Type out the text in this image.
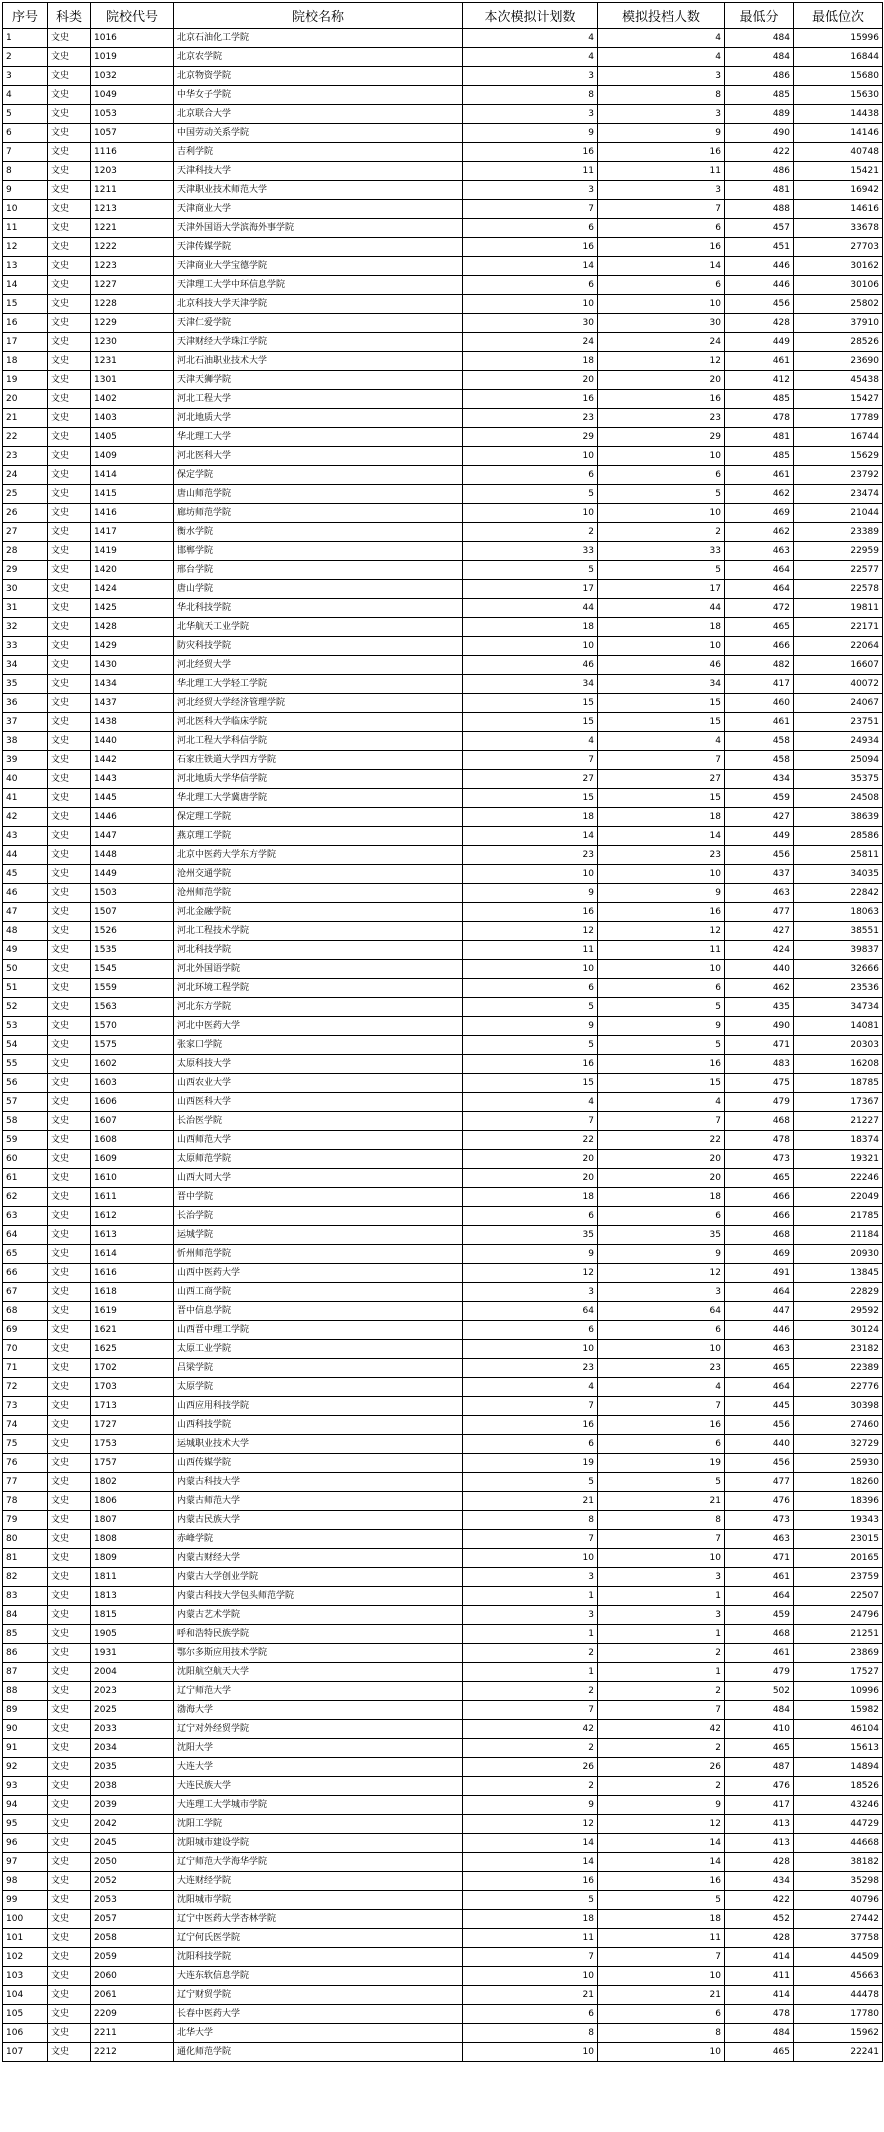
序号	科类	院校代号	院校名称	本次模拟计划数	模拟投档人数	最低分	最低位次
1	文史	1016	北京石油化工学院	4	4	484	15996
2	文史	1019	北京农学院	4	4	484	16844
3	文史	1032	北京物资学院	3	3	486	15680
4	文史	1049	中华女子学院	8	8	485	15630
5	文史	1053	北京联合大学	3	3	489	14438
6	文史	1057	中国劳动关系学院	9	9	490	14146
7	文史	1116	吉利学院	16	16	422	40748
8	文史	1203	天津科技大学	11	11	486	15421
9	文史	1211	天津职业技术师范大学	3	3	481	16942
10	文史	1213	天津商业大学	7	7	488	14616
11	文史	1221	天津外国语大学滨海外事学院	6	6	457	33678
12	文史	1222	天津传媒学院	16	16	451	27703
13	文史	1223	天津商业大学宝德学院	14	14	446	30162
14	文史	1227	天津理工大学中环信息学院	6	6	446	30106
15	文史	1228	北京科技大学天津学院	10	10	456	25802
16	文史	1229	天津仁爱学院	30	30	428	37910
17	文史	1230	天津财经大学珠江学院	24	24	449	28526
18	文史	1231	河北石油职业技术大学	18	12	461	23690
19	文史	1301	天津天狮学院	20	20	412	45438
20	文史	1402	河北工程大学	16	16	485	15427
21	文史	1403	河北地质大学	23	23	478	17789
22	文史	1405	华北理工大学	29	29	481	16744
23	文史	1409	河北医科大学	10	10	485	15629
24	文史	1414	保定学院	6	6	461	23792
25	文史	1415	唐山师范学院	5	5	462	23474
26	文史	1416	廊坊师范学院	10	10	469	21044
27	文史	1417	衡水学院	2	2	462	23389
28	文史	1419	邯郸学院	33	33	463	22959
29	文史	1420	邢台学院	5	5	464	22577
30	文史	1424	唐山学院	17	17	464	22578
31	文史	1425	华北科技学院	44	44	472	19811
32	文史	1428	北华航天工业学院	18	18	465	22171
33	文史	1429	防灾科技学院	10	10	466	22064
34	文史	1430	河北经贸大学	46	46	482	16607
35	文史	1434	华北理工大学轻工学院	34	34	417	40072
36	文史	1437	河北经贸大学经济管理学院	15	15	460	24067
37	文史	1438	河北医科大学临床学院	15	15	461	23751
38	文史	1440	河北工程大学科信学院	4	4	458	24934
39	文史	1442	石家庄铁道大学四方学院	7	7	458	25094
40	文史	1443	河北地质大学华信学院	27	27	434	35375
41	文史	1445	华北理工大学冀唐学院	15	15	459	24508
42	文史	1446	保定理工学院	18	18	427	38639
43	文史	1447	燕京理工学院	14	14	449	28586
44	文史	1448	北京中医药大学东方学院	23	23	456	25811
45	文史	1449	沧州交通学院	10	10	437	34035
46	文史	1503	沧州师范学院	9	9	463	22842
47	文史	1507	河北金融学院	16	16	477	18063
48	文史	1526	河北工程技术学院	12	12	427	38551
49	文史	1535	河北科技学院	11	11	424	39837
50	文史	1545	河北外国语学院	10	10	440	32666
51	文史	1559	河北环境工程学院	6	6	462	23536
52	文史	1563	河北东方学院	5	5	435	34734
53	文史	1570	河北中医药大学	9	9	490	14081
54	文史	1575	张家口学院	5	5	471	20303
55	文史	1602	太原科技大学	16	16	483	16208
56	文史	1603	山西农业大学	15	15	475	18785
57	文史	1606	山西医科大学	4	4	479	17367
58	文史	1607	长治医学院	7	7	468	21227
59	文史	1608	山西师范大学	22	22	478	18374
60	文史	1609	太原师范学院	20	20	473	19321
61	文史	1610	山西大同大学	20	20	465	22246
62	文史	1611	晋中学院	18	18	466	22049
63	文史	1612	长治学院	6	6	466	21785
64	文史	1613	运城学院	35	35	468	21184
65	文史	1614	忻州师范学院	9	9	469	20930
66	文史	1616	山西中医药大学	12	12	491	13845
67	文史	1618	山西工商学院	3	3	464	22829
68	文史	1619	晋中信息学院	64	64	447	29592
69	文史	1621	山西晋中理工学院	6	6	446	30124
70	文史	1625	太原工业学院	10	10	463	23182
71	文史	1702	吕梁学院	23	23	465	22389
72	文史	1703	太原学院	4	4	464	22776
73	文史	1713	山西应用科技学院	7	7	445	30398
74	文史	1727	山西科技学院	16	16	456	27460
75	文史	1753	运城职业技术大学	6	6	440	32729
76	文史	1757	山西传媒学院	19	19	456	25930
77	文史	1802	内蒙古科技大学	5	5	477	18260
78	文史	1806	内蒙古师范大学	21	21	476	18396
79	文史	1807	内蒙古民族大学	8	8	473	19343
80	文史	1808	赤峰学院	7	7	463	23015
81	文史	1809	内蒙古财经大学	10	10	471	20165
82	文史	1811	内蒙古大学创业学院	3	3	461	23759
83	文史	1813	内蒙古科技大学包头师范学院	1	1	464	22507
84	文史	1815	内蒙古艺术学院	3	3	459	24796
85	文史	1905	呼和浩特民族学院	1	1	468	21251
86	文史	1931	鄂尔多斯应用技术学院	2	2	461	23869
87	文史	2004	沈阳航空航天大学	1	1	479	17527
88	文史	2023	辽宁师范大学	2	2	502	10996
89	文史	2025	渤海大学	7	7	484	15982
90	文史	2033	辽宁对外经贸学院	42	42	410	46104
91	文史	2034	沈阳大学	2	2	465	15613
92	文史	2035	大连大学	26	26	487	14894
93	文史	2038	大连民族大学	2	2	476	18526
94	文史	2039	大连理工大学城市学院	9	9	417	43246
95	文史	2042	沈阳工学院	12	12	413	44729
96	文史	2045	沈阳城市建设学院	14	14	413	44668
97	文史	2050	辽宁师范大学海华学院	14	14	428	38182
98	文史	2052	大连财经学院	16	16	434	35298
99	文史	2053	沈阳城市学院	5	5	422	40796
100	文史	2057	辽宁中医药大学杏林学院	18	18	452	27442
101	文史	2058	辽宁何氏医学院	11	11	428	37758
102	文史	2059	沈阳科技学院	7	7	414	44509
103	文史	2060	大连东软信息学院	10	10	411	45663
104	文史	2061	辽宁财贸学院	21	21	414	44478
105	文史	2209	长春中医药大学	6	6	478	17780
106	文史	2211	北华大学	8	8	484	15962
107	文史	2212	通化师范学院	10	10	465	22241
